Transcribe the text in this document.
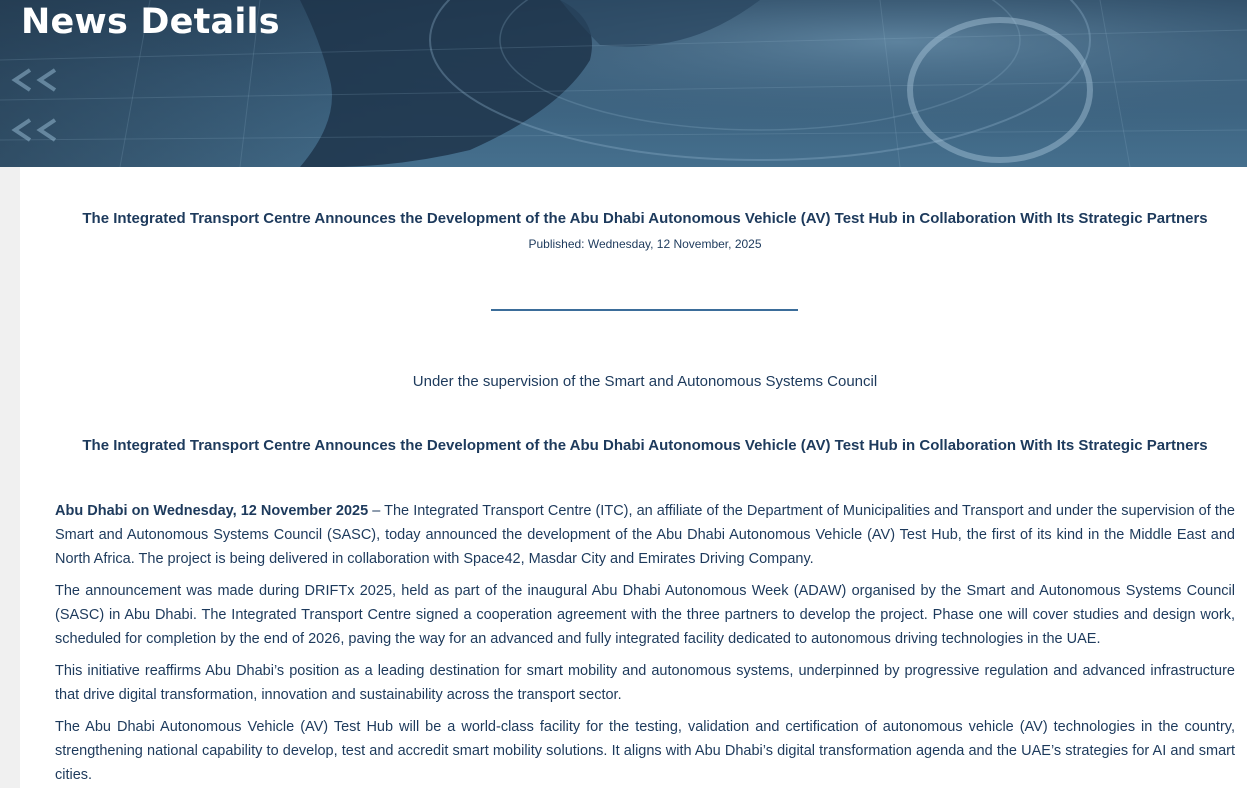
News Details
The Integrated Transport Centre Announces the Development of the Abu Dhabi Autonomous Vehicle (AV) Test Hub in Collaboration With Its Strategic Partners
Published: Wednesday, 12 November, 2025
Under the supervision of the Smart and Autonomous Systems Council
The Integrated Transport Centre Announces the Development of the Abu Dhabi Autonomous Vehicle (AV) Test Hub in Collaboration With Its Strategic Partners

Abu Dhabi on Wednesday, 12 November 2025 – The Integrated Transport Centre (ITC), an affiliate of the Department of Municipalities and Transport and under the supervision of the Smart and Autonomous Systems Council (SASC), today announced the development of the Abu Dhabi Autonomous Vehicle (AV) Test Hub, the first of its kind in the Middle East and North Africa. The project is being delivered in collaboration with Space42, Masdar City and Emirates Driving Company.

The announcement was made during DRIFTx 2025, held as part of the inaugural Abu Dhabi Autonomous Week (ADAW) organised by the Smart and Autonomous Systems Council (SASC) in Abu Dhabi. The Integrated Transport Centre signed a cooperation agreement with the three partners to develop the project. Phase one will cover studies and design work, scheduled for completion by the end of 2026, paving the way for an advanced and fully integrated facility dedicated to autonomous driving technologies in the UAE.

This initiative reaffirms Abu Dhabi’s position as a leading destination for smart mobility and autonomous systems, underpinned by progressive regulation and advanced infrastructure that drive digital transformation, innovation and sustainability across the transport sector.

The Abu Dhabi Autonomous Vehicle (AV) Test Hub will be a world-class facility for the testing, validation and certification of autonomous vehicle (AV) technologies in the country, strengthening national capability to develop, test and accredit smart mobility solutions. It aligns with Abu Dhabi’s digital transformation agenda and the UAE’s strategies for AI and smart cities.
